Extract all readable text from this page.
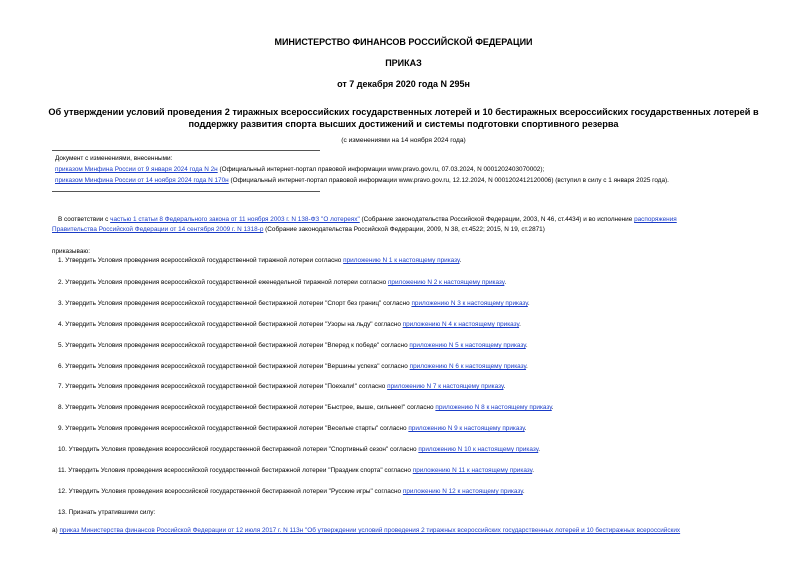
МИНИСТЕРСТВО ФИНАНСОВ РОССИЙСКОЙ ФЕДЕРАЦИИ
ПРИКАЗ
от 7 декабря 2020 года N 295н
Об утверждении условий проведения 2 тиражных всероссийских государственных лотерей и 10 бестиражных всероссийских государственных лотерей в
поддержку развития спорта высших достижений и системы подготовки спортивного резерва
(с изменениями на 14 ноября 2024 года)
Документ с изменениями, внесенными:
приказом Минфина России от 9 января 2024 года N 2н (Официальный интернет-портал правовой информации www.pravo.gov.ru, 07.03.2024, N 0001202403070002);
приказом Минфина России от 14 ноября 2024 года N 170н (Официальный интернет-портал правовой информации www.pravo.gov.ru, 12.12.2024, N 0001202412120006) (вступил в силу с 1 января 2025 года).
В соответствии с частью 1 статьи 8 Федерального закона от 11 ноября 2003 г. N 138-ФЗ "О лотереях" (Собрание законодательства Российской Федерации, 2003, N 46, ст.4434) и во исполнение распоряжения
Правительства Российской Федерации от 14 сентября 2009 г. N 1318-р (Собрание законодательства Российской Федерации, 2009, N 38, ст.4522; 2015, N 19, ст.2871)
приказываю:
1. Утвердить Условия проведения всероссийской государственной тиражной лотереи согласно приложению N 1 к настоящему приказу.
2. Утвердить Условия проведения всероссийской государственной еженедельной тиражной лотереи согласно приложению N 2 к настоящему приказу.
3. Утвердить Условия проведения всероссийской государственной бестиражной лотереи "Спорт без границ" согласно приложению N 3 к настоящему приказу.
4. Утвердить Условия проведения всероссийской государственной бестиражной лотереи "Узоры на льду" согласно приложению N 4 к настоящему приказу.
5. Утвердить Условия проведения всероссийской государственной бестиражной лотереи "Вперед к победе" согласно приложению N 5 к настоящему приказу.
6. Утвердить Условия проведения всероссийской государственной бестиражной лотереи "Вершины успеха" согласно приложению N 6 к настоящему приказу.
7. Утвердить Условия проведения всероссийской государственной бестиражной лотереи "Поехали!" согласно приложению N 7 к настоящему приказу.
8. Утвердить Условия проведения всероссийской государственной бестиражной лотереи "Быстрее, выше, сильнее!" согласно приложению N 8 к настоящему приказу.
9. Утвердить Условия проведения всероссийской государственной бестиражной лотереи "Веселые старты" согласно приложению N 9 к настоящему приказу.
10. Утвердить Условия проведения всероссийской государственной бестиражной лотереи "Спортивный сезон" согласно приложению N 10 к настоящему приказу.
11. Утвердить Условия проведения всероссийской государственной бестиражной лотереи "Праздник спорта" согласно приложению N 11 к настоящему приказу.
12. Утвердить Условия проведения всероссийской государственной бестиражной лотереи "Русские игры" согласно приложению N 12 к настоящему приказу.
13. Признать утратившими силу:
а) приказ Министерства финансов Российской Федерации от 12 июля 2017 г. N 113н "Об утверждении условий проведения 2 тиражных всероссийских государственных лотерей и 10 бестиражных всероссийских
